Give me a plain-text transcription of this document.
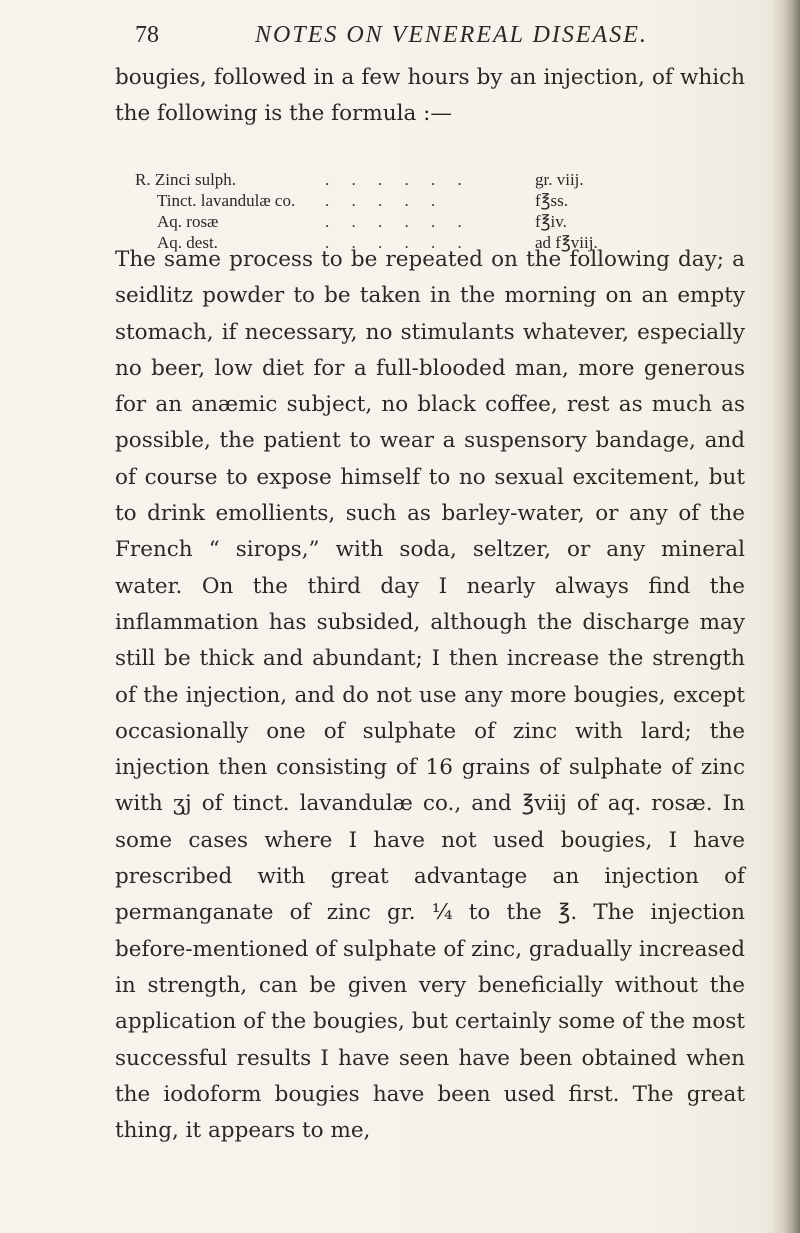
78	NOTES ON VENEREAL DISEASE.

bougies, followed in a few hours by an injection, of which the following is the formula :—

R. Zinci sulph.	. . . . . .	gr. viij.
Tinct. lavandulæ co. . . . . .	f℥ss.
Aq. rosæ	. . . . . .	f℥iv.
Aq. dest.	. . . . . .	ad f℥viij.

The same process to be repeated on the following day; a seidlitz powder to be taken in the morning on an empty stomach, if necessary, no stimulants whatever, especially no beer, low diet for a full-blooded man, more generous for an anæmic subject, no black coffee, rest as much as possible, the patient to wear a suspensory bandage, and of course to expose himself to no sexual excitement, but to drink emollients, such as barley-water, or any of the French “ sirops,” with soda, seltzer, or any mineral water. On the third day I nearly always find the inflammation has subsided, although the discharge may still be thick and abundant; I then increase the strength of the injection, and do not use any more bougies, except occasionally one of sulphate of zinc with lard; the injection then consisting of 16 grains of sulphate of zinc with ʒj of tinct. lavandulæ co., and ℥viij of aq. rosæ. In some cases where I have not used bougies, I have prescribed with great advantage an injection of permanganate of zinc gr. ¼ to the ℥. The injection before-mentioned of sulphate of zinc, gradually increased in strength, can be given very beneficially without the application of the bougies, but certainly some of the most successful results I have seen have been obtained when the iodoform bougies have been used first. The great thing, it appears to me,
